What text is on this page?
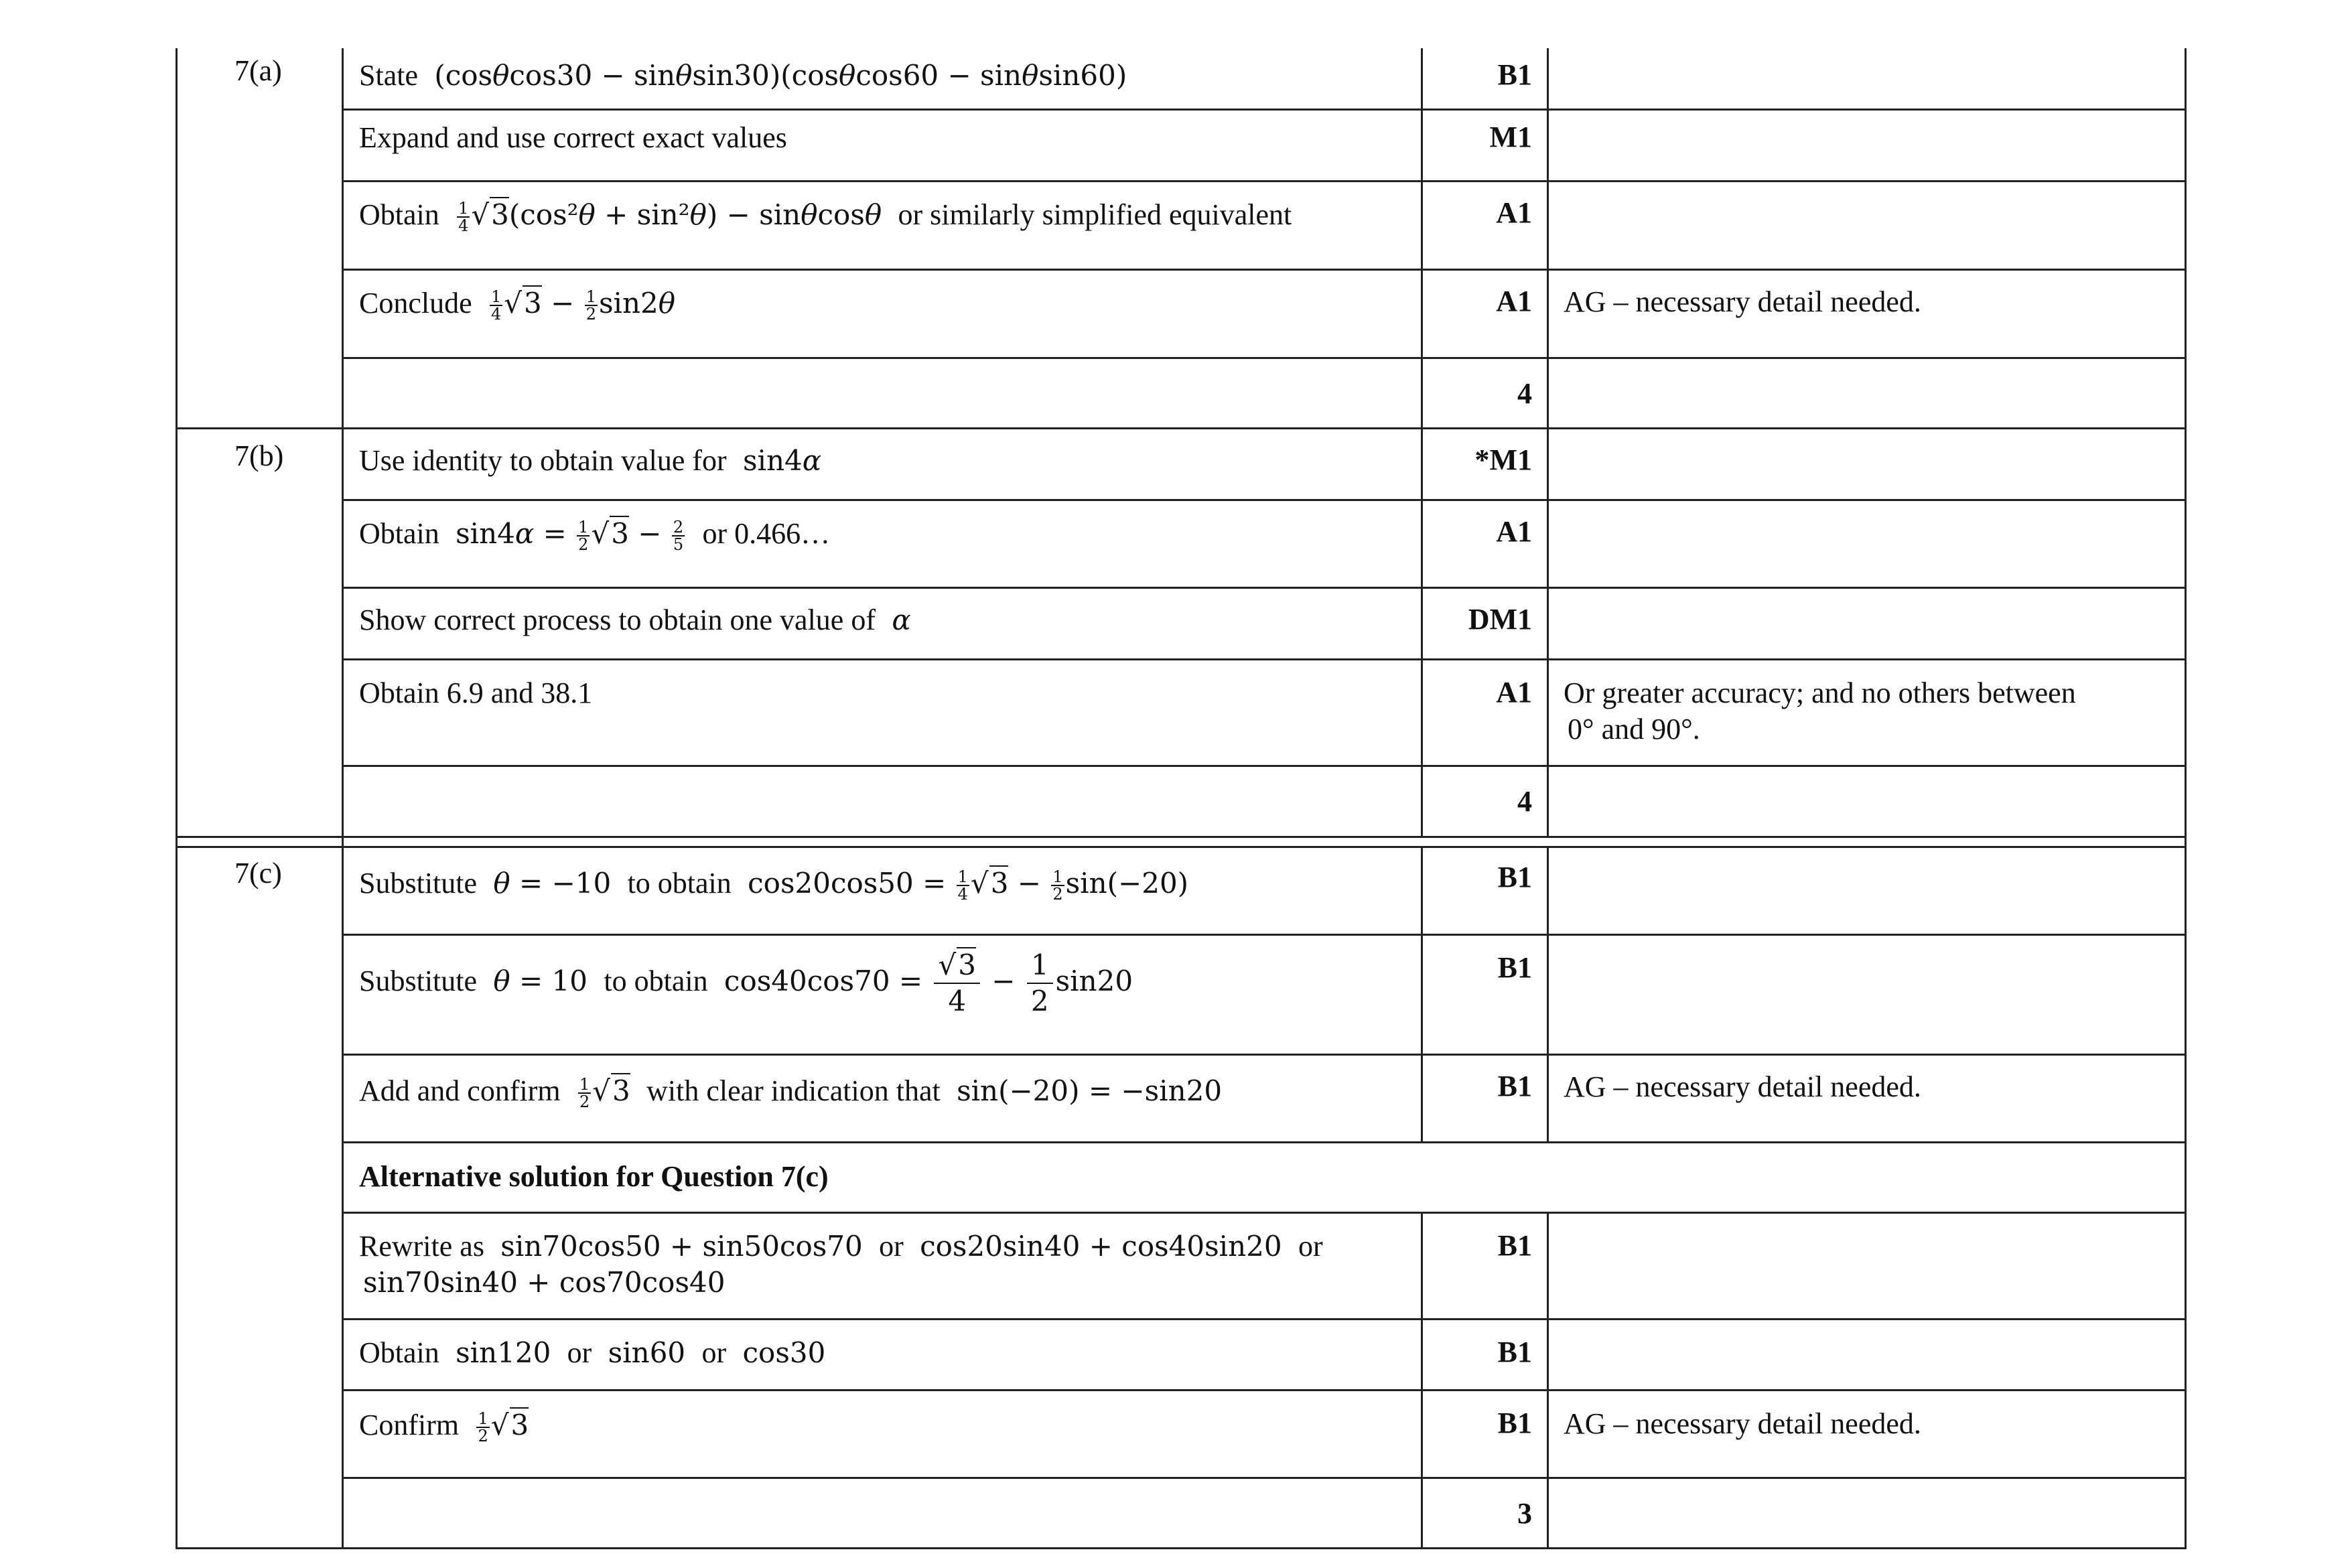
7(a)	State  (cosθcos30 − sinθsin30)(cosθcos60 − sinθsin60)	B1
Expand and use correct exact values	M1
Obtain $\frac{1}{4} √3(\cos^2\theta + \sin^2\theta) - \sin\theta\cos\theta$ or similarly simplified equivalent	A1
Conclude $\frac{1}{4} √3 - \frac{1}{2} \sin 2\theta$	A1	AG – necessary detail needed.
4
7(b)	Use identity to obtain value for  sin4α	*M1
Obtain  $\sin 4\alpha = \frac{1}{2} √3 - \frac{2}{5}$ or 0.466…	A1
Show correct process to obtain one value of  α	DM1
Obtain 6.9 and 38.1	A1	Or greater accuracy; and no others between
0° and 90°.
4
7(c)	Substitute θ = −10  to obtain  $\cos 20\cos 50 = \frac{1}{4} √3 - \frac{1}{2} \sin(-20)$	B1
Substitute θ = 10  to obtain  $\cos 40\cos 70 = \frac{√3}{4} - \frac{1}{2} \sin 20$	B1
Add and confirm $\frac{1}{2} √3$ with clear indication that  sin(−20) = −sin20	B1	AG – necessary detail needed.
Alternative solution for Question 7(c)
Rewrite as  sin70cos50 + sin50cos70  or  cos20sin40 + cos40sin20  or
sin70sin40 + cos70cos40
B1
Obtain  sin120  or  sin60  or  cos30	B1
Confirm $\frac{1}{2} √3$	B1	AG – necessary detail needed.
3
